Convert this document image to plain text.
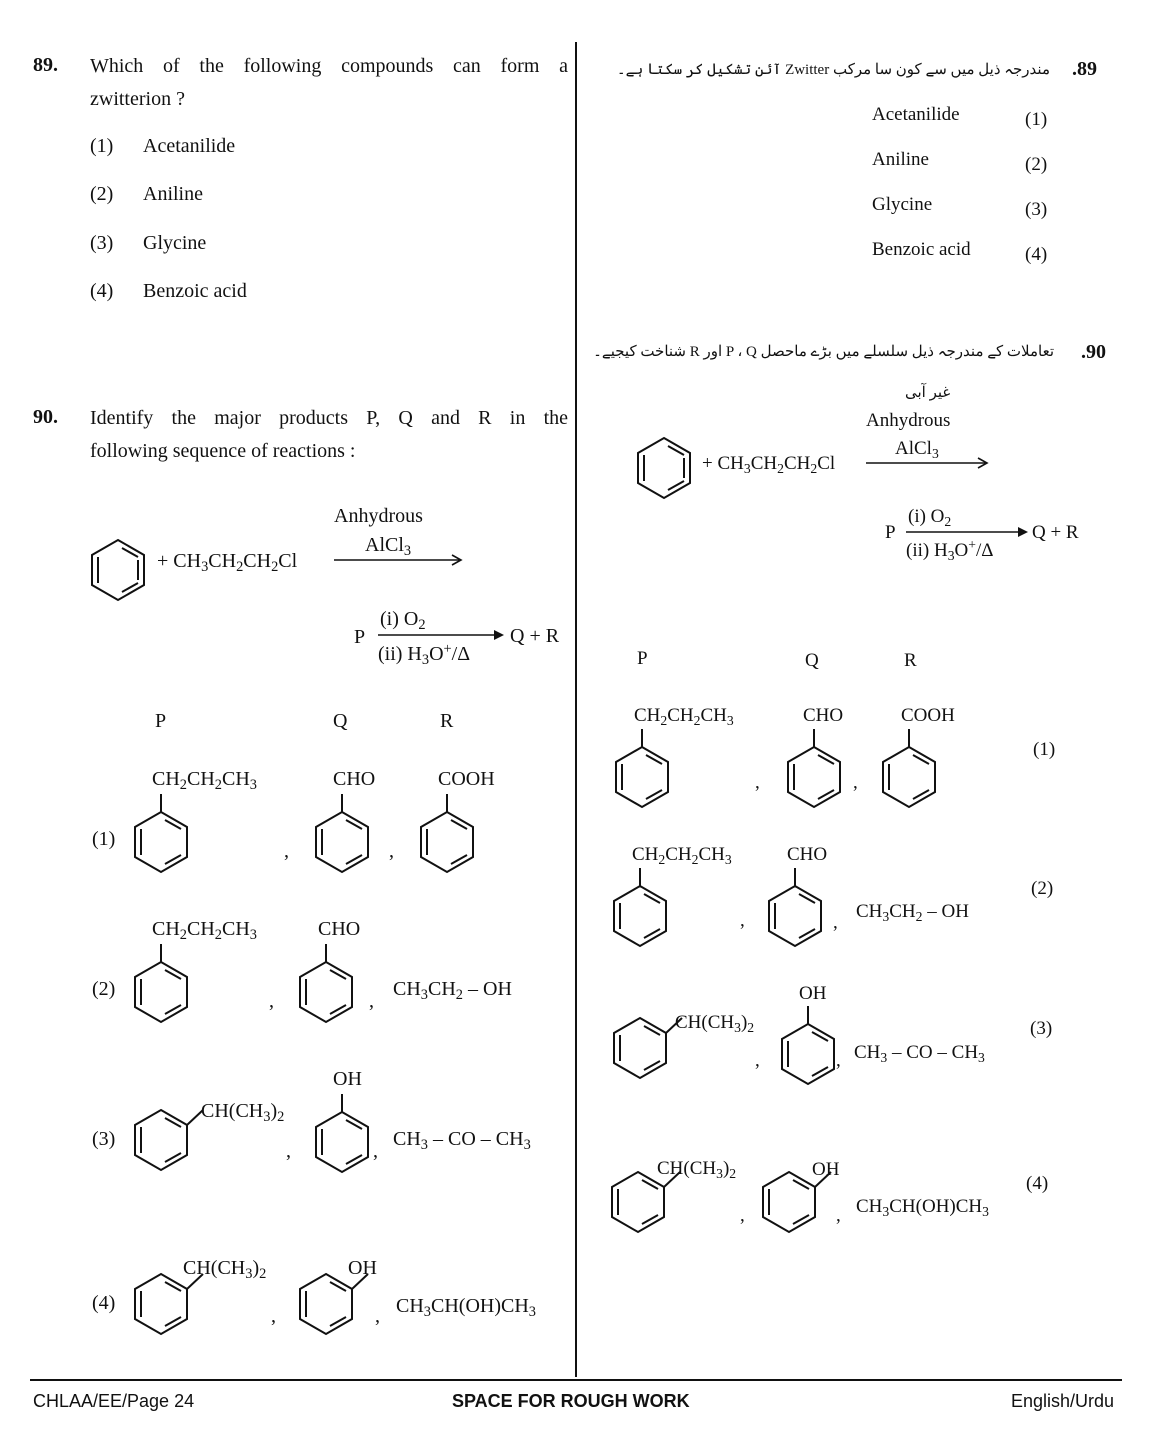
89. Which of the following compounds can form a
zwitterion ?
(1) Acetanilide
(2) Aniline
(3) Glycine
(4) Benzoic acid
90. Identify the major products P, Q and R in the
following sequence of reactions :
+ $CH_3CH_2CH_2Cl$
Anhydrous
AlCl$_3$
P
(i) $O_2$
(ii) $H_3O^+/\Delta$
Q + R
P	Q	R
(1)
$CH_2CH_2CH_3$
,
CHO
,
COOH
(2)
$CH_2CH_2CH_3$
,
CHO
,
$CH_3CH_2$ – OH
(3)
$CH(CH_3)_2$
,
OH
,
$CH_3$ – CO – $CH_3$
(4)
$CH(CH_3)_2$
,
OH
, $CH_3CH(OH)CH_3$
.89
مندرجہ ذیل میں سے کون سا مرکب Zwitter آئن تشکیل کر سکتا ہے۔
Acetanilide	(1)
Aniline	(2)
Glycine	(3)
Benzoic acid	(4)
.90
تعاملات کے مندرجہ ذیل سلسلے میں بڑے ماحصل P ، Q اور R شناخت کیجیے۔
غیر آبی
Anhydrous
AlCl$_3$
+ $CH_3CH_2CH_2Cl$
P
(i) $O_2$
(ii) $H_3O^+/\Delta$
Q + R
P	Q	R
$CH_2CH_2CH_3$
,
CHO
,
COOH
(1)
$CH_2CH_2CH_3$
,
CHO
,
$CH_3CH_2$ – OH
(2)
$CH(CH_3)_2$
,
OH
, $CH_3$ – CO – $CH_3$
(3)
$CH(CH_3)_2$
,
OH
, $CH_3CH(OH)CH_3$
(4)
CHLAA/EE/Page 24	SPACE FOR ROUGH WORK	English/Urdu
